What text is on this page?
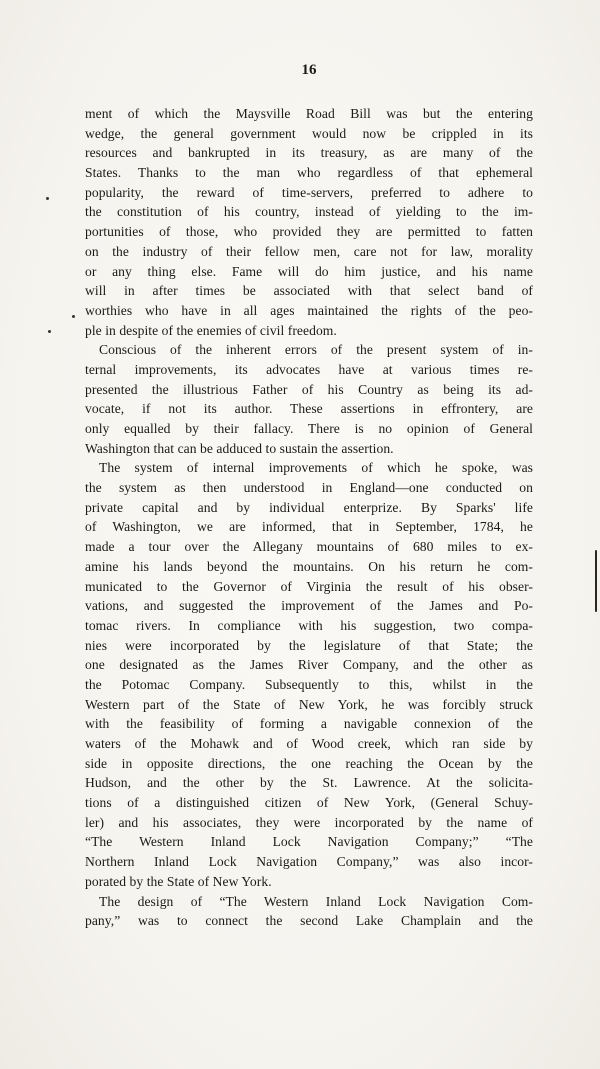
16
ment of which the Maysville Road Bill was but the entering
wedge, the general government would now be crippled in its
resources and bankrupted in its treasury, as are many of the
States. Thanks to the man who regardless of that ephemeral
popularity, the reward of time-servers, preferred to adhere to
the constitution of his country, instead of yielding to the im-
portunities of those, who provided they are permitted to fatten
on the industry of their fellow men, care not for law, morality
or any thing else. Fame will do him justice, and his name
will in after times be associated with that select band of
worthies who have in all ages maintained the rights of the peo-
ple in despite of the enemies of civil freedom.
Conscious of the inherent errors of the present system of in-
ternal improvements, its advocates have at various times re-
presented the illustrious Father of his Country as being its ad-
vocate, if not its author. These assertions in effrontery, are
only equalled by their fallacy. There is no opinion of General
Washington that can be adduced to sustain the assertion.
The system of internal improvements of which he spoke, was
the system as then understood in England—one conducted on
private capital and by individual enterprize. By Sparks' life
of Washington, we are informed, that in September, 1784, he
made a tour over the Allegany mountains of 680 miles to ex-
amine his lands beyond the mountains. On his return he com-
municated to the Governor of Virginia the result of his obser-
vations, and suggested the improvement of the James and Po-
tomac rivers. In compliance with his suggestion, two compa-
nies were incorporated by the legislature of that State; the
one designated as the James River Company, and the other as
the Potomac Company. Subsequently to this, whilst in the
Western part of the State of New York, he was forcibly struck
with the feasibility of forming a navigable connexion of the
waters of the Mohawk and of Wood creek, which ran side by
side in opposite directions, the one reaching the Ocean by the
Hudson, and the other by the St. Lawrence. At the solicita-
tions of a distinguished citizen of New York, (General Schuy-
ler) and his associates, they were incorporated by the name of
“The Western Inland Lock Navigation Company;” “The
Northern Inland Lock Navigation Company,” was also incor-
porated by the State of New York.
The design of “The Western Inland Lock Navigation Com-
pany,” was to connect the second Lake Champlain and the
